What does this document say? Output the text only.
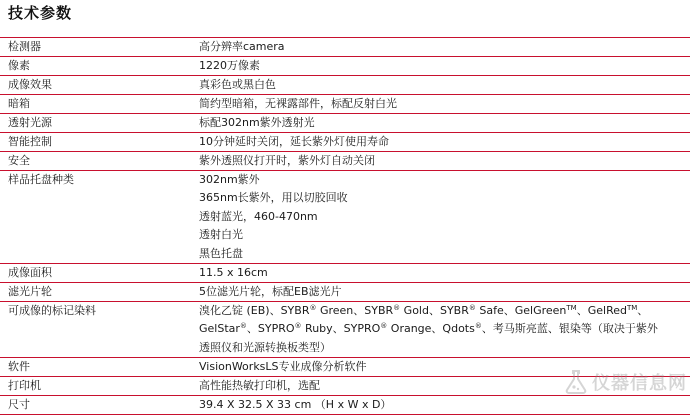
技术参数
检测器	高分辨率camera
像素	1220万像素
成像效果	真彩色或黑白色
暗箱	简约型暗箱，无裸露部件，标配反射白光
透射光源	标配302nm紫外透射光
智能控制	10分钟延时关闭，延长紫外灯使用寿命
安全	紫外透照仪打开时，紫外灯自动关闭
样品托盘种类	302nm紫外
365nm长紫外，用以切胶回收
透射蓝光，460-470nm
透射白光
黑色托盘

成像面积	11.5 x 16cm
滤光片轮	5位滤光片轮，标配EB滤光片
可成像的标记染料	溴化乙锭 (EB)、SYBR® Green、SYBR® Gold、SYBR® Safe、GelGreen™、GelRed™、
GelStar®、SYPRO® Ruby、SYPRO® Orange、Qdots®、考马斯亮蓝、银染等（取决于紫外
透照仪和光源转换板类型）

软件	VisionWorksLS专业成像分析软件
打印机	高性能热敏打印机，选配
尺寸	39.4 X 32.5 X 33 cm （H x W x D）
仪器信息网
